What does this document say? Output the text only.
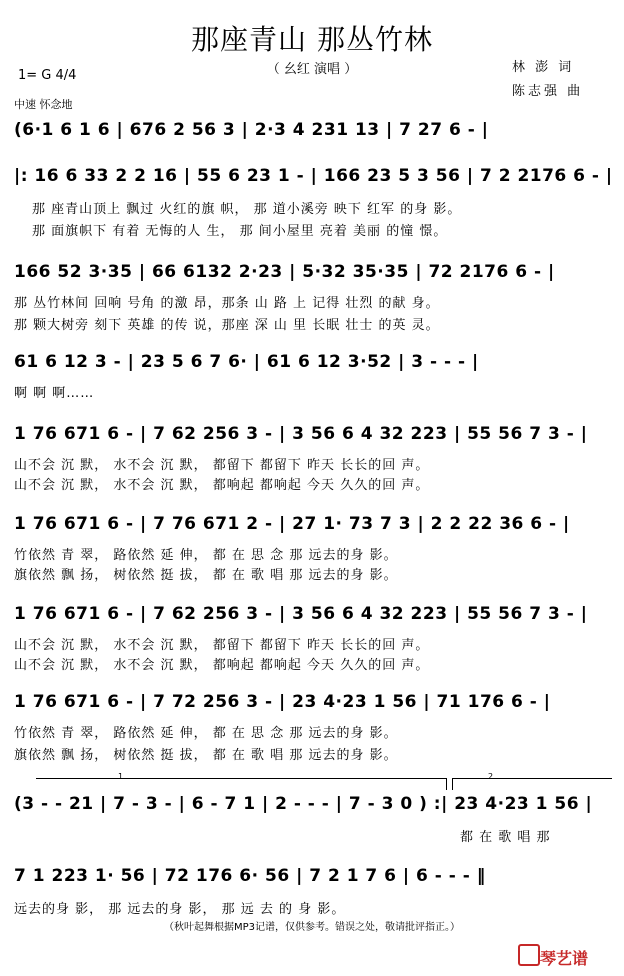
那座青山 那丛竹林
（ 幺红 演唱 ）
1= G 4/4
中速 怀念地
林 澎 词
陈志强 曲
(6·1 6 1 6 | 676 2 56 3 | 2·3 4 231 13 | 7 27 6 - |
|: 16 6 33 2 2 16 | 55 6 23 1 - | 166 23 5 3 56 | 7 2 2176 6 - |
那 座青山顶上 飘过 火红的旗 帜， 那 道小溪旁 映下 红军 的身 影。
那 面旗帜下 有着 无悔的人 生， 那 间小屋里 亮着 美丽 的憧 憬。
166 52 3·35 | 66 6132 2·23 | 5·32 35·35 | 72 2176 6 - |
那 丛竹林间 回响 号角 的激 昂，那条 山 路 上 记得 壮烈 的献 身。
那 颗大树旁 刻下 英雄 的传 说，那座 深 山 里 长眠 壮士 的英 灵。
61 6 12 3 - | 23 5 6 7 6· | 61 6 12 3·52 | 3 - - - |
啊 啊 啊……
1 76 671 6 - | 7 62 256 3 - | 3 56 6 4 32 223 | 55 56 7 3 - |
山不会 沉 默， 水不会 沉 默， 都留下 都留下 昨天 长长的回 声。
山不会 沉 默， 水不会 沉 默， 都响起 都响起 今天 久久的回 声。
1 76 671 6 - | 7 76 671 2 - | 27 1· 73 7 3 | 2 2 22 36 6 - |
竹依然 青 翠， 路依然 延 伸， 都 在 思 念 那 远去的身 影。
旗依然 飘 扬， 树依然 挺 拔， 都 在 歌 唱 那 远去的身 影。
1 76 671 6 - | 7 62 256 3 - | 3 56 6 4 32 223 | 55 56 7 3 - |
山不会 沉 默， 水不会 沉 默， 都留下 都留下 昨天 长长的回 声。
山不会 沉 默， 水不会 沉 默， 都响起 都响起 今天 久久的回 声。
1 76 671 6 - | 7 72 256 3 - | 23 4·23 1 56 | 71 176 6 - |
竹依然 青 翠， 路依然 延 伸， 都 在 思 念 那 远去的身 影。
旗依然 飘 扬， 树依然 挺 拔， 都 在 歌 唱 那 远去的身 影。
1	2
(3 - - 21 | 7 - 3 - | 6 - 7 1 | 2 - - - | 7 - 3 0 ) :| 23 4·23 1 56 |
都 在 歌 唱 那
7 1 223 1· 56 | 72 176 6· 56 | 7 2 1 7 6 | 6 - - - ‖
远去的身 影， 那 远去的身 影， 那 远 去 的 身 影。
（秋叶起舞根据MP3记谱，仅供参考。错误之处，敬请批评指正。）
琴艺谱
